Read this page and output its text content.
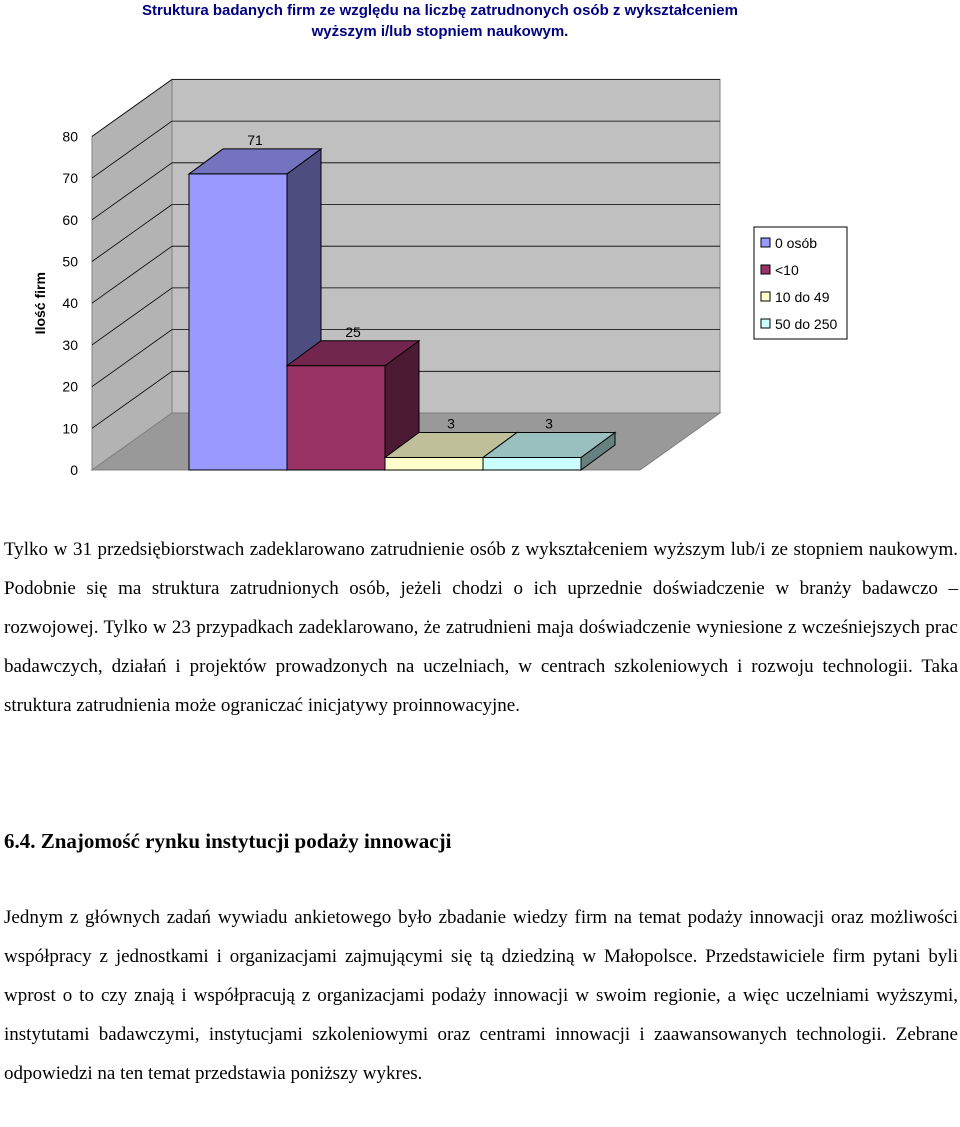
Struktura badanych firm ze względu na liczbę zatrudnonych osób z wykształceniem
wyższym i/lub stopniem naukowym.
0
10
20
30
40
50
60
70
80
Ilość firm
71
25
3	3
0 osób
<10
10 do 49
50 do 250
Tylko w 31 przedsiębiorstwach zadeklarowano zatrudnienie osób z wykształceniem wyższym lub/i ze stopniem naukowym. Podobnie się ma struktura zatrudnionych osób, jeżeli chodzi o ich uprzednie doświadczenie w branży badawczo – rozwojowej. Tylko w 23 przypadkach zadeklarowano, że zatrudnieni maja doświadczenie wyniesione z wcześniejszych prac badawczych, działań i projektów prowadzonych na uczelniach, w centrach szkoleniowych i rozwoju technologii. Taka struktura zatrudnienia może ograniczać inicjatywy proinnowacyjne.
6.4. Znajomość rynku instytucji podaży innowacji
Jednym z głównych zadań wywiadu ankietowego było zbadanie wiedzy firm na temat podaży innowacji oraz możliwości współpracy z jednostkami i organizacjami zajmującymi się tą dziedziną w Małopolsce. Przedstawiciele firm pytani byli wprost o to czy znają i współpracują z organizacjami podaży innowacji w swoim regionie, a więc uczelniami wyższymi, instytutami badawczymi, instytucjami szkoleniowymi oraz centrami innowacji i zaawansowanych technologii. Zebrane odpowiedzi na ten temat przedstawia poniższy wykres.
